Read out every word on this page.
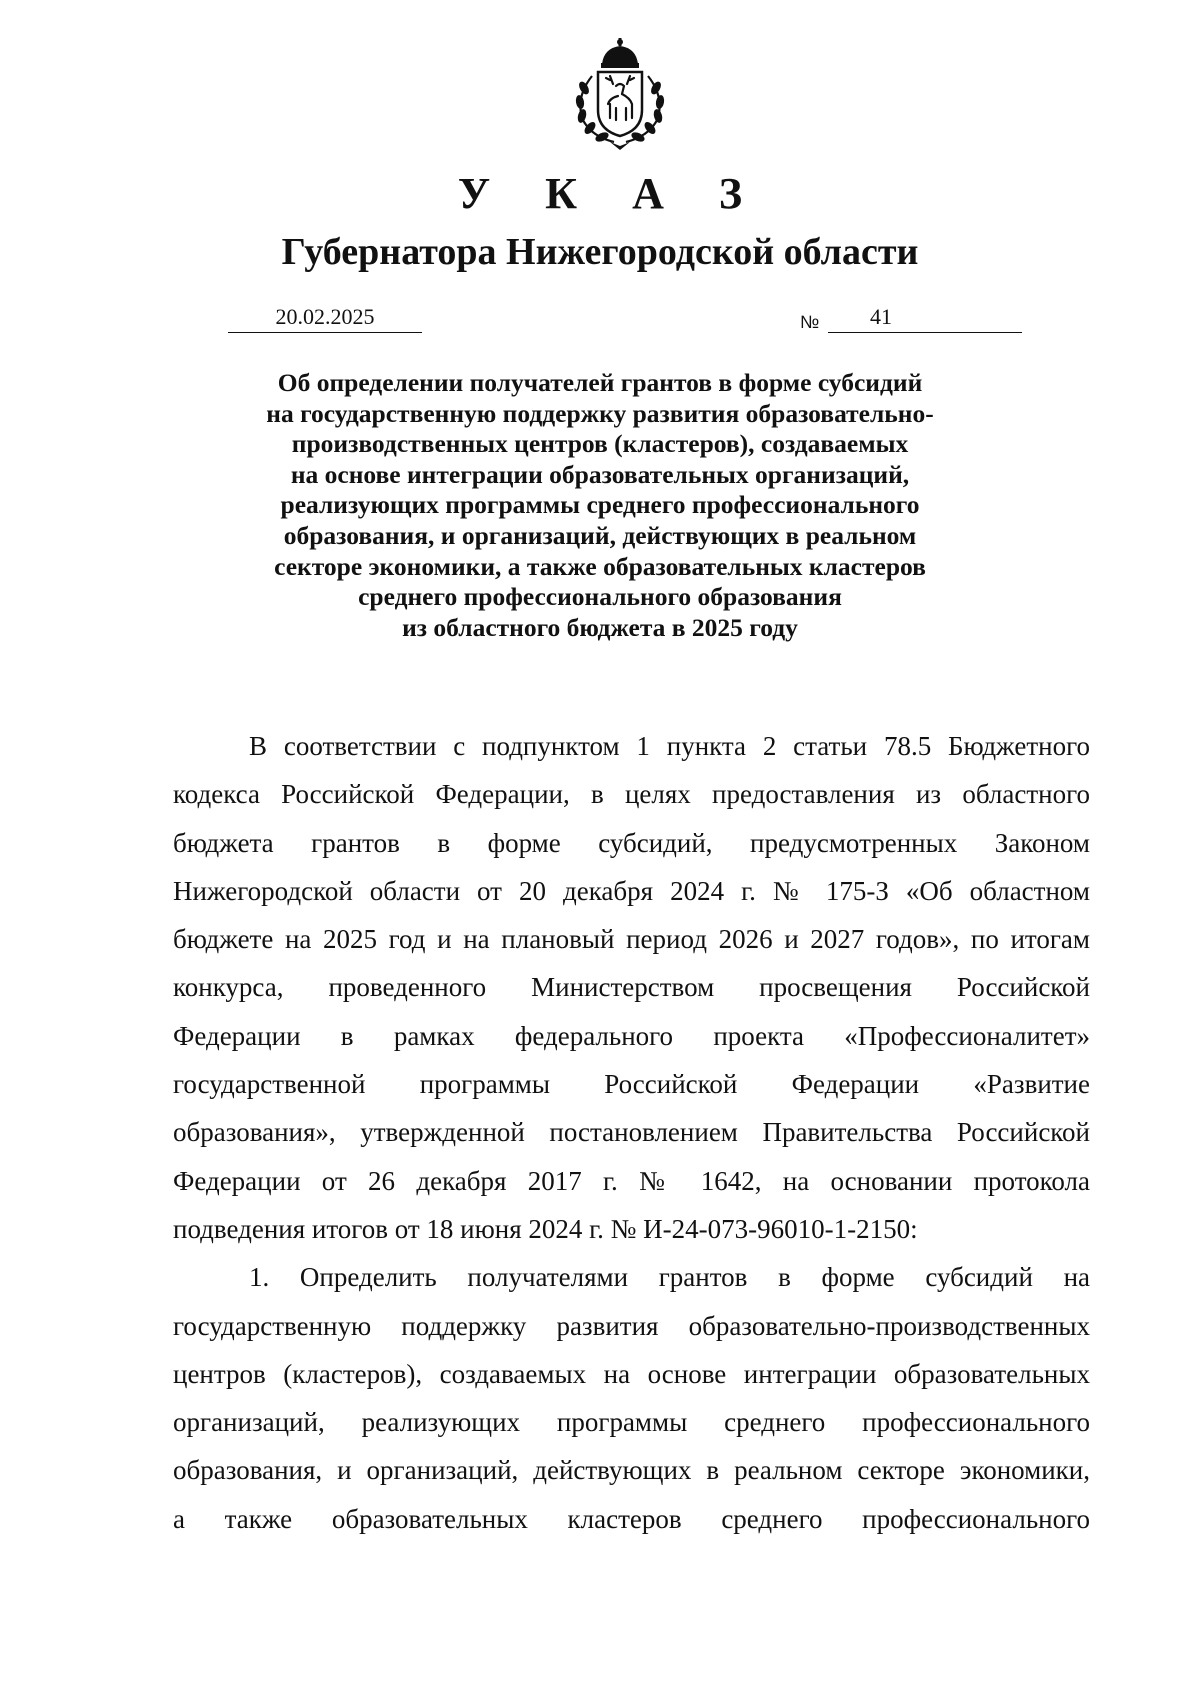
У К А З
Губернатора Нижегородской области
20.02.2025	№	41
Об определении получателей грантов в форме субсидий
на государственную поддержку развития образовательно-
производственных центров (кластеров), создаваемых
на основе интеграции образовательных организаций,
реализующих программы среднего профессионального
образования, и организаций, действующих в реальном
секторе экономики, а также образовательных кластеров
среднего профессионального образования
из областного бюджета в 2025 году
В соответствии с подпунктом 1 пункта 2 статьи 78.5 Бюджетного
кодекса Российской Федерации, в целях предоставления из областного
бюджета грантов в форме субсидий, предусмотренных Законом
Нижегородской области от 20 декабря 2024 г. № 175-З «Об областном
бюджете на 2025 год и на плановый период 2026 и 2027 годов», по итогам
конкурса, проведенного Министерством просвещения Российской
Федерации в рамках федерального проекта «Профессионалитет»
государственной программы Российской Федерации «Развитие
образования», утвержденной постановлением Правительства Российской
Федерации от 26 декабря 2017 г. № 1642, на основании протокола
подведения итогов от 18 июня 2024 г. № И-24-073-96010-1-2150:
1. Определить получателями грантов в форме субсидий на
государственную поддержку развития образовательно-производственных
центров (кластеров), создаваемых на основе интеграции образовательных
организаций, реализующих программы среднего профессионального
образования, и организаций, действующих в реальном секторе экономики,
а также образовательных кластеров среднего профессионального
